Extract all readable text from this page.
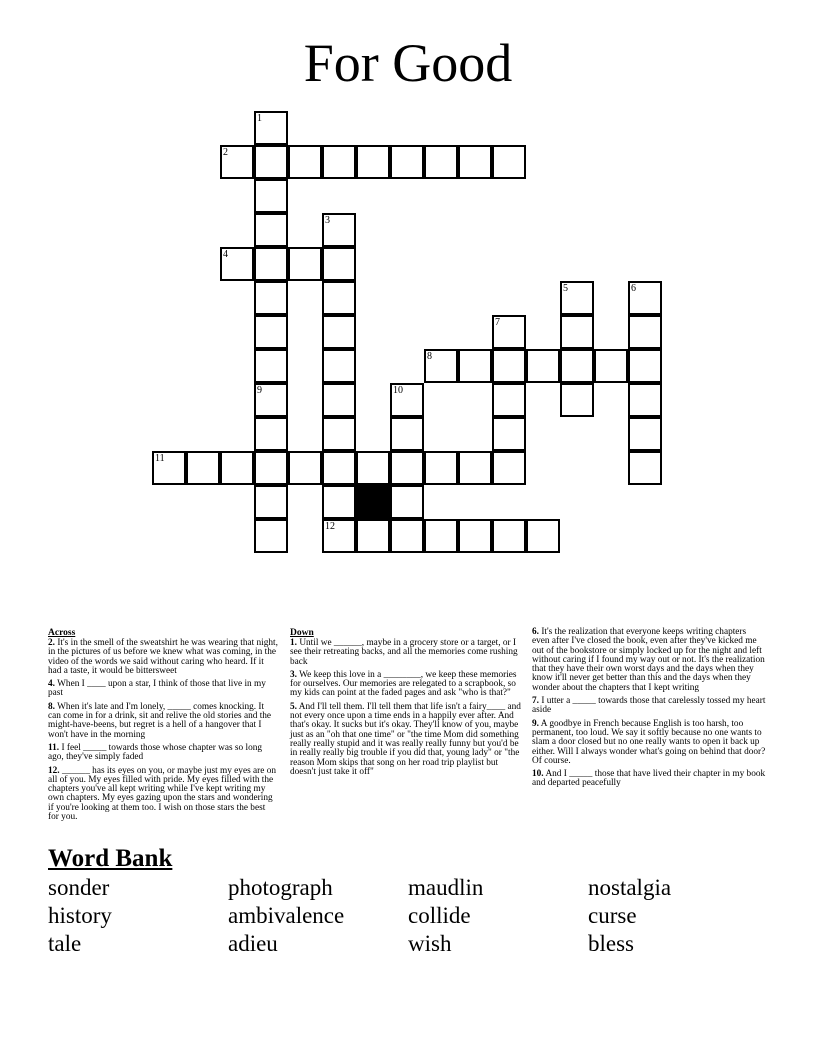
For Good
1
2
3
4
5	6
7
8
9	10
11
12
Across

2. It's in the smell of the sweatshirt he was wearing that night, in the pictures of us before we knew what was coming, in the video of the words we said without caring who heard. If it had a taste, it would be bittersweet

4. When I ____ upon a star, I think of those that live in my past

8. When it's late and I'm lonely, _____ comes knocking. It can come in for a drink, sit and relive the old stories and the might-have-beens, but regret is a hell of a hangover that I won't have in the morning

11. I feel _____ towards those whose chapter was so long ago, they've simply faded

12. ______ has its eyes on you, or maybe just my eyes are on all of you. My eyes filled with pride. My eyes filled with the chapters you've all kept writing while I've kept writing my own chapters. My eyes gazing upon the stars and wondering if you're looking at them too. I wish on those stars the best for you.

Down

1. Until we ______, maybe in a grocery store or a target, or I see their retreating backs, and all the memories come rushing back

3. We keep this love in a ________, we keep these memories for ourselves. Our memories are relegated to a scrapbook, so my kids can point at the faded pages and ask "who is that?"

5. And I'll tell them. I'll tell them that life isn't a fairy____ and not every once upon a time ends in a happily ever after. And that's okay. It sucks but it's okay. They'll know of you, maybe just as an "oh that one time" or "the time Mom did something really really stupid and it was really really funny but you'd be in really really big trouble if you did that, young lady" or "the reason Mom skips that song on her road trip playlist but doesn't just take it off"

6. It's the realization that everyone keeps writing chapters even after I've closed the book, even after they've kicked me out of the bookstore or simply locked up for the night and left without caring if I found my way out or not. It's the realization that they have their own worst days and the days when they know it'll never get better than this and the days when they wonder about the chapters that I kept writing

7. I utter a _____ towards those that carelessly tossed my heart aside

9. A goodbye in French because English is too harsh, too permanent, too loud. We say it softly because no one wants to slam a door closed but no one really wants to open it back up either. Will I always wonder what's going on behind that door? Of course.

10. And I _____ those that have lived their chapter in my book and departed peacefully

Word Bank
sonder	photograph	maudlin	nostalgia
history	ambivalence	collide	curse
tale	adieu	wish	bless
